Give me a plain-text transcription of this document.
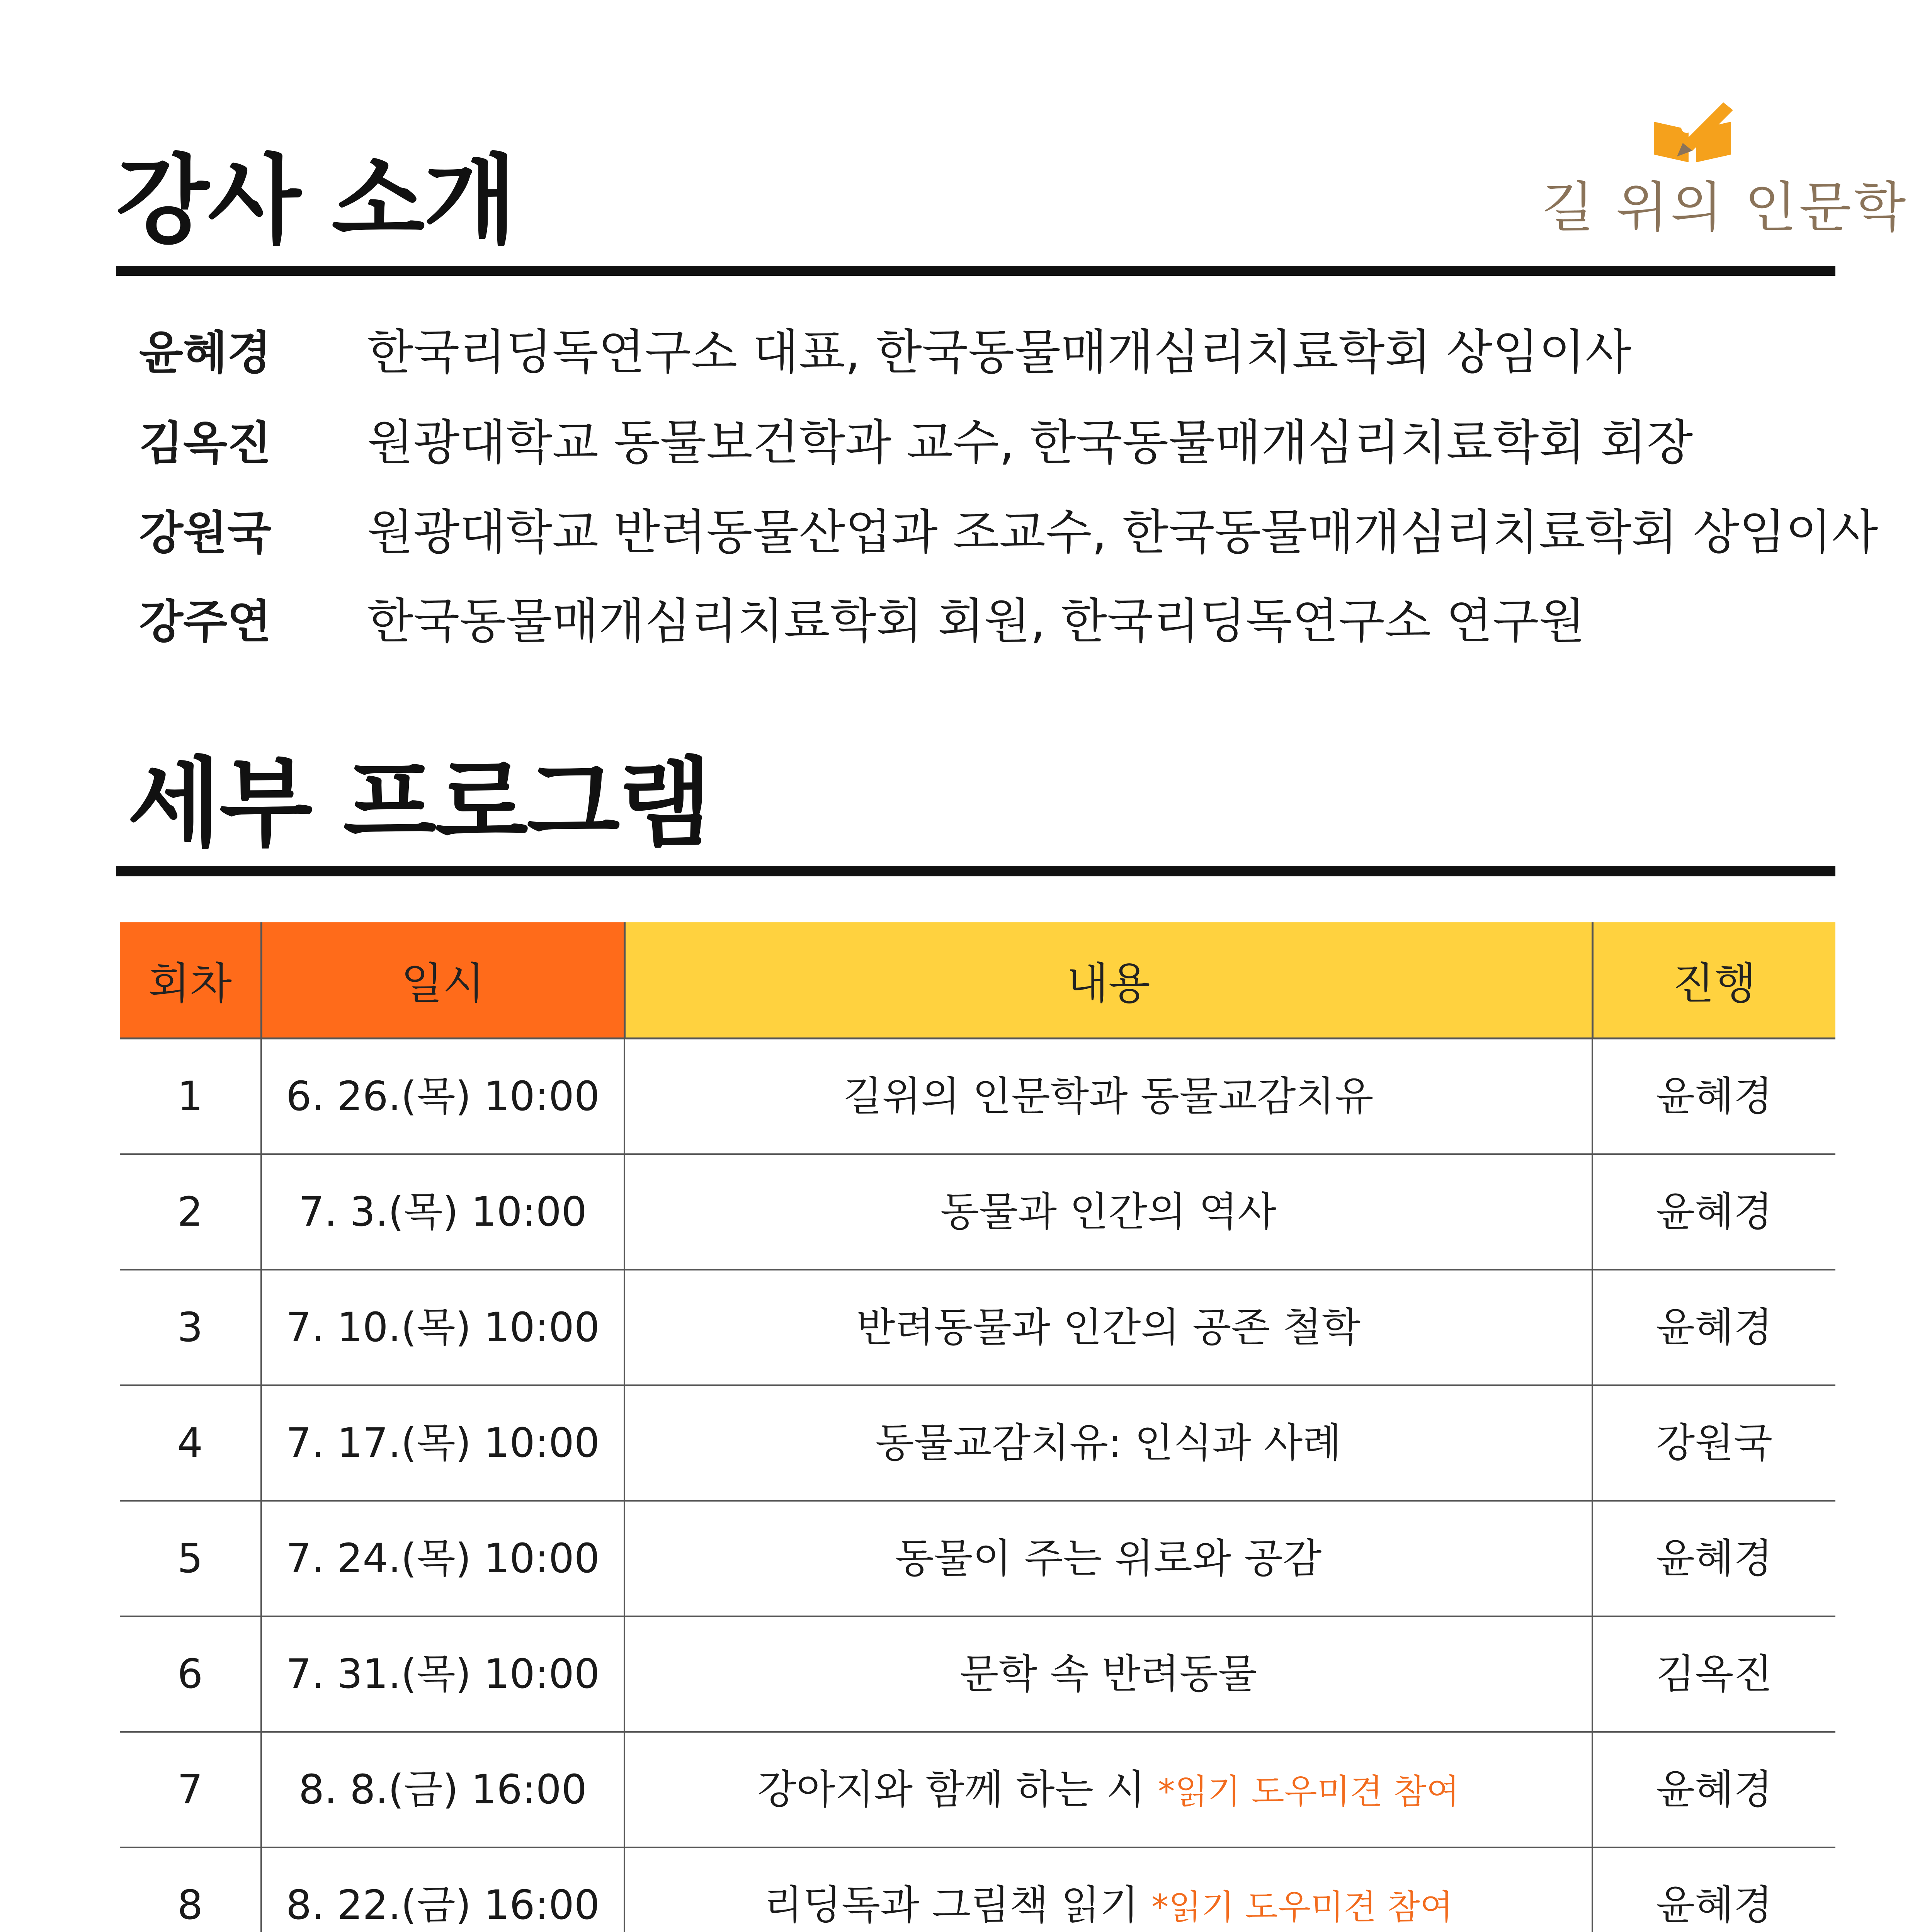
강사 소개	길 위의 인문학
윤혜경 한국리딩독연구소 대표, 한국동물매개심리치료학회 상임이사
김옥진 원광대학교 동물보건학과 교수, 한국동물매개심리치료학회 회장
강원국 원광대학교 반려동물산업과 조교수, 한국동물매개심리치료학회 상임이사
강주연 한국동물매개심리치료학회 회원, 한국리딩독연구소 연구원
세부 프로그램
회차	일시	내용	진행
1	6. 26.(목) 10:00	길위의 인문학과 동물교감치유	윤혜경
2	7. 3.(목) 10:00	동물과 인간의 역사	윤혜경
3	7. 10.(목) 10:00	반려동물과 인간의 공존 철학	윤혜경
4	7. 17.(목) 10:00	동물교감치유: 인식과 사례	강원국
5	7. 24.(목) 10:00	동물이 주는 위로와 공감	윤혜경
6	7. 31.(목) 10:00	문학 속 반려동물	김옥진
7	8. 8.(금) 16:00	강아지와 함께 하는 시 *읽기 도우미견 참여	윤혜경
8	8. 22.(금) 16:00	리딩독과 그림책 읽기 *읽기 도우미견 참여	윤혜경
